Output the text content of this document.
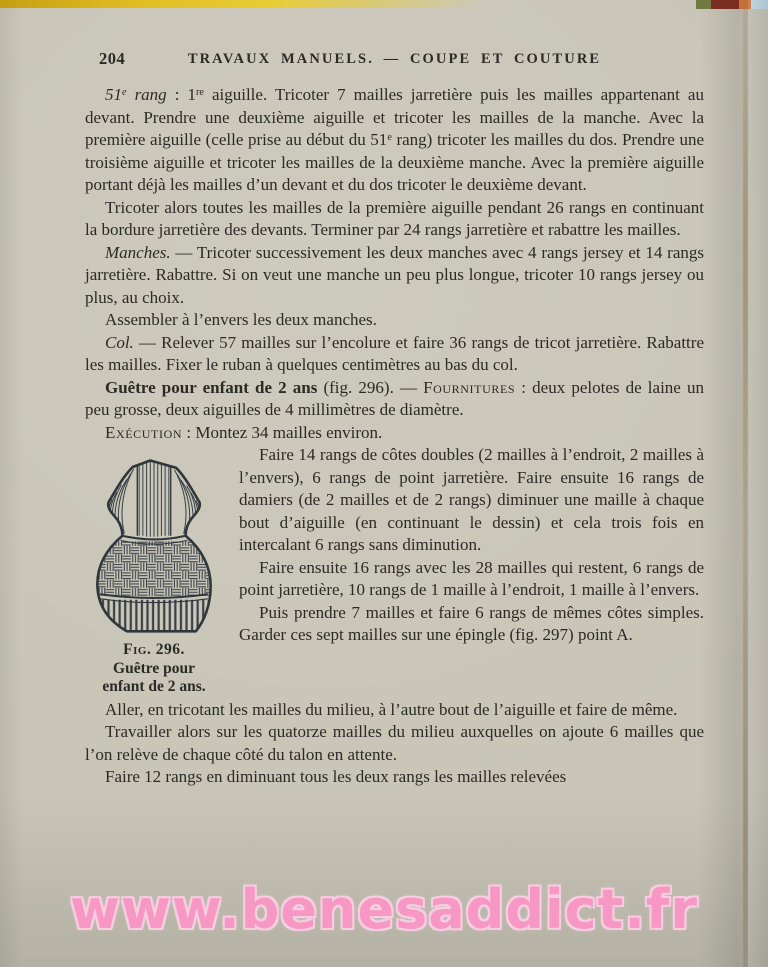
204	TRAVAUX MANUELS. — COUPE ET COUTURE

51e rang : 1re aiguille. Tricoter 7 mailles jarretière puis les mailles appartenant au devant. Prendre une deuxième aiguille et tricoter les mailles de la manche. Avec la première aiguille (celle prise au début du 51e rang) tricoter les mailles du dos. Prendre une troisième aiguille et tricoter les mailles de la deuxième manche. Avec la première aiguille portant déjà les mailles d’un devant et du dos tricoter le deuxième devant.

Tricoter alors toutes les mailles de la première aiguille pendant 26 rangs en continuant la bordure jarretière des devants. Terminer par 24 rangs jarretière et rabattre les mailles.

Manches. — Tricoter successivement les deux manches avec 4 rangs jersey et 14 rangs jarretière. Rabattre. Si on veut une manche un peu plus longue, tricoter 10 rangs jersey ou plus, au choix.

Assembler à l’envers les deux manches.

Col. — Relever 57 mailles sur l’encolure et faire 36 rangs de tricot jarretière. Rabattre les mailles. Fixer le ruban à quelques centimètres au bas du col.

Guêtre pour enfant de 2 ans (fig. 296). — Fournitures : deux pelotes de laine un peu grosse, deux aiguilles de 4 millimètres de diamètre.

Exécution : Montez 34 mailles environ.

Fig. 296.
Guêtre pour
enfant de 2 ans.

Faire 14 rangs de côtes doubles (2 mailles à l’endroit, 2 mailles à l’envers), 6 rangs de point jarretière. Faire ensuite 16 rangs de damiers (de 2 mailles et de 2 rangs) diminuer une maille à chaque bout d’aiguille (en continuant le dessin) et cela trois fois en intercalant 6 rangs sans diminution.

Faire ensuite 16 rangs avec les 28 mailles qui restent, 6 rangs de point jarretière, 10 rangs de 1 maille à l’endroit, 1 maille à l’envers.

Puis prendre 7 mailles et faire 6 rangs de mêmes côtes simples. Garder ces sept mailles sur une épingle (fig. 297) point A.

Aller, en tricotant les mailles du milieu, à l’autre bout de l’aiguille et faire de même.

Travailler alors sur les quatorze mailles du milieu auxquelles on ajoute 6 mailles que l’on relève de chaque côté du talon en attente.

Faire 12 rangs en diminuant tous les deux rangs les mailles relevées

www.benesaddict.fr
